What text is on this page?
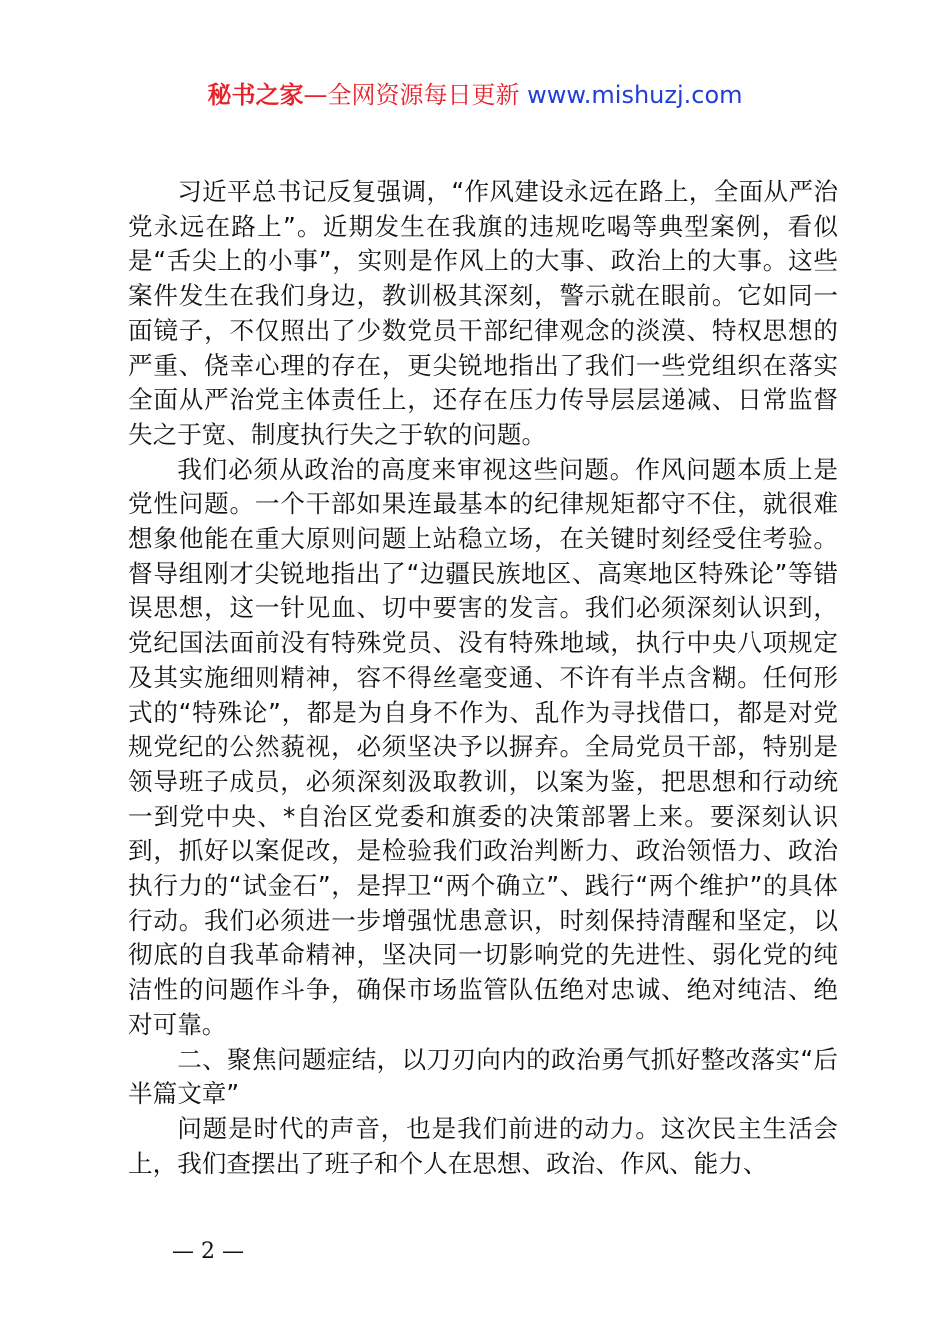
秘书之家—全网资源每日更新 www.mishuzj.com

习近平总书记反复强调，“作风建设永远在路上，全面从严治党永远在路上”。近期发生在我旗的违规吃喝等典型案例，看似是“舌尖上的小事”，实则是作风上的大事、政治上的大事。这些案件发生在我们身边，教训极其深刻，警示就在眼前。它如同一面镜子，不仅照出了少数党员干部纪律观念的淡漠、特权思想的严重、侥幸心理的存在，更尖锐地指出了我们一些党组织在落实全面从严治党主体责任上，还存在压力传导层层递减、日常监督失之于宽、制度执行失之于软的问题。

我们必须从政治的高度来审视这些问题。作风问题本质上是党性问题。一个干部如果连最基本的纪律规矩都守不住，就很难想象他能在重大原则问题上站稳立场，在关键时刻经受住考验。督导组刚才尖锐地指出了“边疆民族地区、高寒地区特殊论”等错误思想，这一针见血、切中要害的发言。我们必须深刻认识到，党纪国法面前没有特殊党员、没有特殊地域，执行中央八项规定及其实施细则精神，容不得丝毫变通、不许有半点含糊。任何形式的“特殊论”，都是为自身不作为、乱作为寻找借口，都是对党规党纪的公然藐视，必须坚决予以摒弃。全局党员干部，特别是领导班子成员，必须深刻汲取教训，以案为鉴，把思想和行动统一到党中央、*自治区党委和旗委的决策部署上来。要深刻认识到，抓好以案促改，是检验我们政治判断力、政治领悟力、政治执行力的“试金石”，是捍卫“两个确立”、践行“两个维护”的具体行动。我们必须进一步增强忧患意识，时刻保持清醒和坚定，以彻底的自我革命精神，坚决同一切影响党的先进性、弱化党的纯洁性的问题作斗争，确保市场监管队伍绝对忠诚、绝对纯洁、绝对可靠。

二、聚焦问题症结，以刀刃向内的政治勇气抓好整改落实“后半篇文章”

问题是时代的声音，也是我们前进的动力。这次民主生活会上，我们查摆出了班子和个人在思想、政治、作风、能力、

— 2 —
